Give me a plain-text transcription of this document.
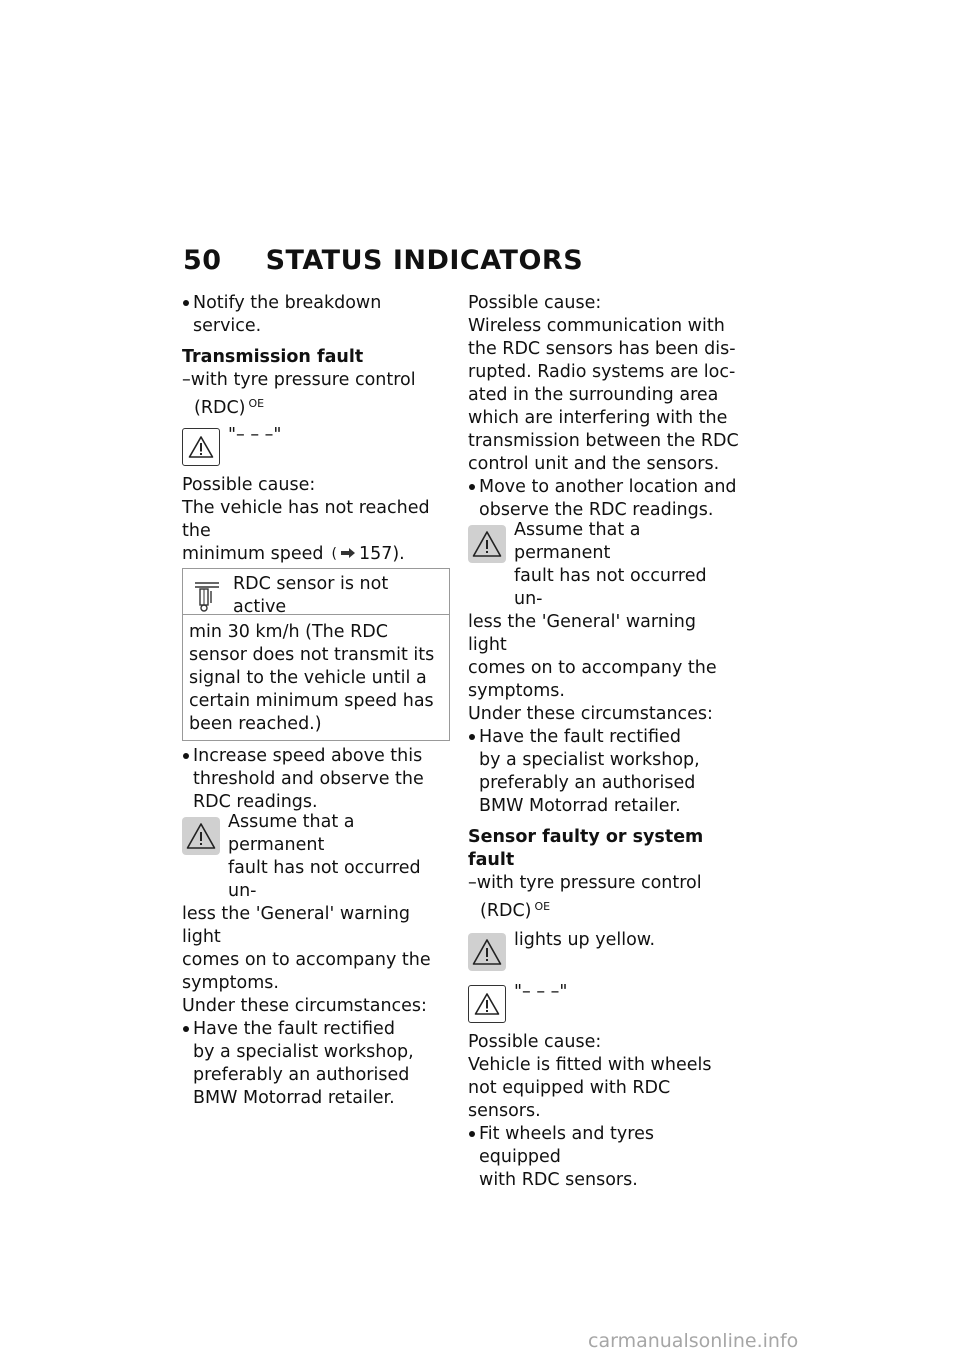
50 STATUS INDICATORS

Notify the breakdown service.

Transmission fault

–with tyre pressure control

(RDC) $^{OE}$

"– – –"

Possible cause:

The vehicle has not reached the

minimum speed ( 157).

RDC sensor is not active
min 30 km/h (The RDC sensor does not transmit its signal to the vehicle until a certain minimum speed has been reached.)

Increase speed above this

threshold and observe the

RDC readings.

Assume that a permanent

fault has not occurred un-

less the 'General' warning light

comes on to accompany the

symptoms.

Under these circumstances:

Have the fault rectified

by a specialist workshop,

preferably an authorised

BMW Motorrad retailer.

Possible cause:

Wireless communication with

the RDC sensors has been dis-

rupted. Radio systems are loc-

ated in the surrounding area

which are interfering with the

transmission between the RDC

control unit and the sensors.

Move to another location and

observe the RDC readings.

Assume that a permanent

fault has not occurred un-

less the 'General' warning light

comes on to accompany the

symptoms.

Under these circumstances:

Have the fault rectified

by a specialist workshop,

preferably an authorised

BMW Motorrad retailer.

Sensor faulty or system fault

–with tyre pressure control

(RDC) $^{OE}$

lights up yellow.
"– – –"

Possible cause:

Vehicle is fitted with wheels

not equipped with RDC

sensors.

Fit wheels and tyres equipped

with RDC sensors.

carmanualsonline.info
